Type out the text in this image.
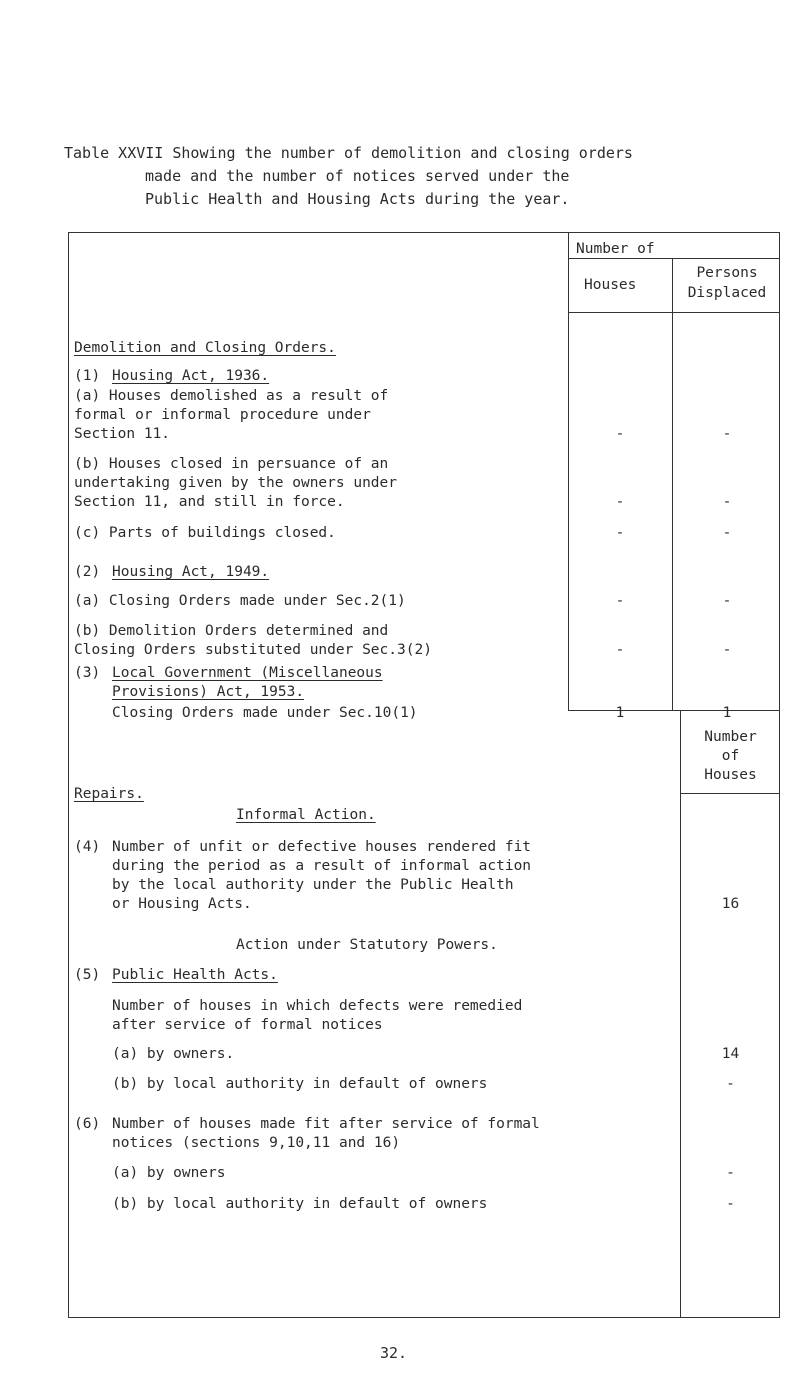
Table XXVII Showing the number of demolition and closing orders
made and the number of notices served under the
Public Health and Housing Acts during the year.
Number of
Houses
Persons
Displaced
Number
of
Houses
Demolition and Closing Orders.
(1) Housing Act, 1936.
(a) Houses demolished as a result of
formal or informal procedure under
Section 11.	-	-
(b) Houses closed in persuance of an
undertaking given by the owners under
Section 11, and still in force.	-	-
(c) Parts of buildings closed.	-	-
(2) Housing Act, 1949.
(a) Closing Orders made under Sec.2(1)	-	-
(b) Demolition Orders determined and
Closing Orders substituted under Sec.3(2)	-	-
(3) Local Government (Miscellaneous
Provisions) Act, 1953.
Closing Orders made under Sec.10(1)	1	1
Repairs.
Informal Action.
(4) Number of unfit or defective houses rendered fit
during the period as a result of informal action
by the local authority under the Public Health
or Housing Acts.	16
Action under Statutory Powers.
(5) Public Health Acts.
Number of houses in which defects were remedied
after service of formal notices
(a) by owners.	14
(b) by local authority in default of owners	-
(6) Number of houses made fit after service of formal
notices (sections 9,10,11 and 16)
(a) by owners	-
(b) by local authority in default of owners	-
32.
